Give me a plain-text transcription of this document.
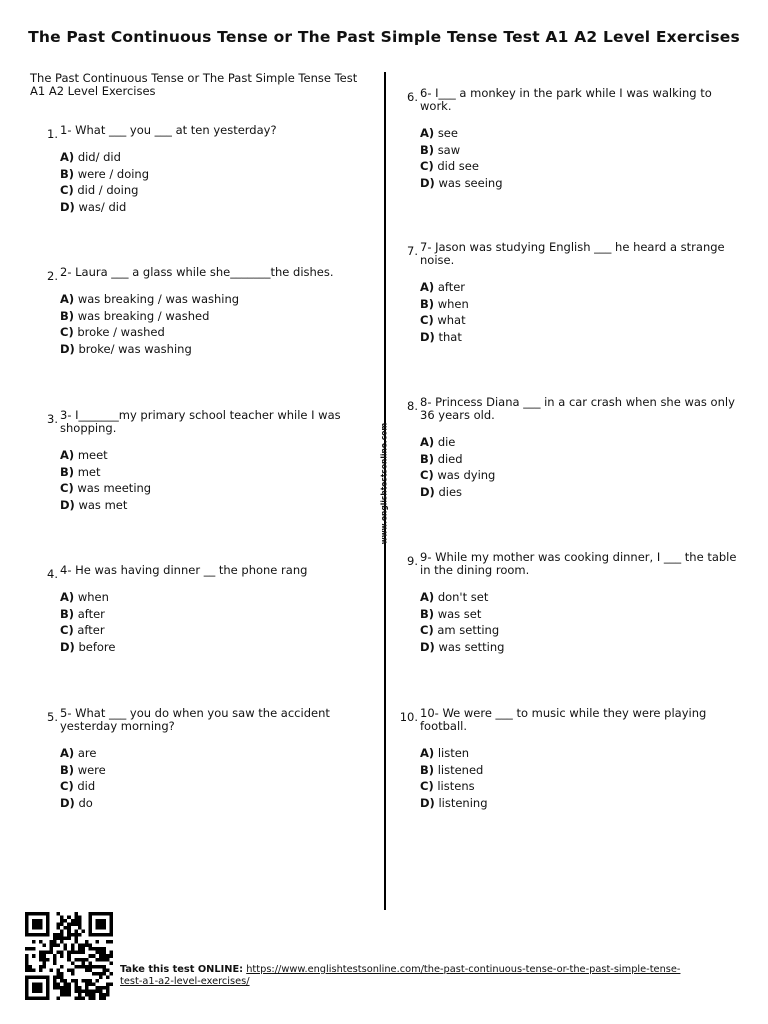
The Past Continuous Tense or The Past Simple Tense Test A1 A2 Level Exercises
The Past Continuous Tense or The Past Simple Tense Test A1 A2 Level Exercises
www.englishtestsonline.com
1. 1- What ___ you ___ at ten yesterday?
A) did/ did
B) were / doing
C) did / doing
D) was/ did
2. 2- Laura ___ a glass while she_______the dishes.
A) was breaking / was washing
B) was breaking / washed
C) broke / washed
D) broke/ was washing
3. 3- I_______my primary school teacher while I was shopping.
A) meet
B) met
C) was meeting
D) was met
4. 4- He was having dinner __ the phone rang
A) when
B) after
C) after
D) before
5. 5- What ___ you do when you saw the accident yesterday morning?
A) are
B) were
C) did
D) do
6. 6- I___ a monkey in the park while I was walking to work.
A) see
B) saw
C) did see
D) was seeing
7. 7- Jason was studying English ___ he heard a strange noise.
A) after
B) when
C) what
D) that
8. 8- Princess Diana ___ in a car crash when she was only 36 years old.
A) die
B) died
C) was dying
D) dies
9. 9- While my mother was cooking dinner, I ___ the table in the dining room.
A) don't set
B) was set
C) am setting
D) was setting
10. 10- We were ___ to music while they were playing football.
A) listen
B) listened
C) listens
D) listening
Take this test ONLINE: https://www.englishtestsonline.com/the-past-continuous-tense-or-the-past-simple-tense-test-a1-a2-level-exercises/
